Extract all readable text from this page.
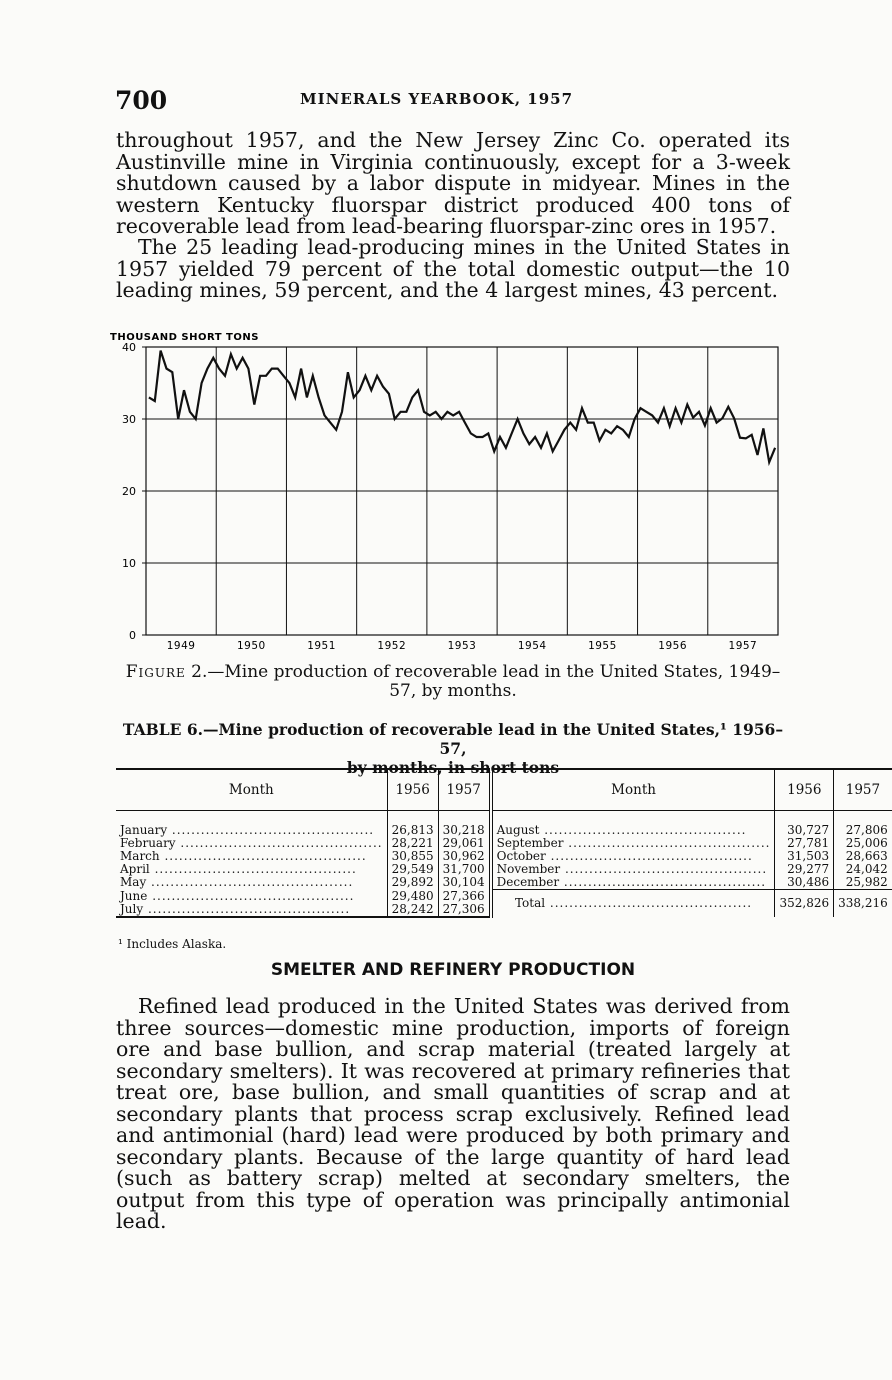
700	MINERALS YEARBOOK, 1957

throughout 1957, and the New Jersey Zinc Co. operated its Austinville mine in Virginia continuously, except for a 3-week shutdown caused by a labor dispute in midyear. Mines in the western Kentucky fluorspar district produced 400 tons of recoverable lead from lead-bearing fluorspar-zinc ores in 1957.

The 25 leading lead-producing mines in the United States in 1957 yielded 79 percent of the total domestic output—the 10 leading mines, 59 percent, and the 4 largest mines, 43 percent.

THOUSAND SHORT TONS
0
10
20
30
40
1949	1950	1951	1952	1953	1954	1955	1956	1957
Figure 2.—Mine production of recoverable lead in the United States, 1949–57, by months.
TABLE 6.—Mine production of recoverable lead in the United States,¹ 1956–57,
by months, in short tons
Month	1956	1957	Month	1956	1957

January .....	26,813	30,218	August .....	30,727	27,806
February .....	28,221	29,061	September .....	27,781	25,006
March .....	30,855	30,962	October .....	31,503	28,663
April .....	29,549	31,700	November .....	29,277	24,042
May .....	29,892	30,104	December .....	30,486	25,982
June .....	29,480	27,366	Total .....	352,826	338,216
July .....	28,242	27,306			
¹ Includes Alaska.
SMELTER AND REFINERY PRODUCTION

Refined lead produced in the United States was derived from three sources—domestic mine production, imports of foreign ore and base bullion, and scrap material (treated largely at secondary smelters). It was recovered at primary refineries that treat ore, base bullion, and small quantities of scrap and at secondary plants that process scrap exclusively. Refined lead and antimonial (hard) lead were produced by both primary and secondary plants. Because of the large quantity of hard lead (such as battery scrap) melted at secondary smelters, the output from this type of operation was principally antimonial lead.
